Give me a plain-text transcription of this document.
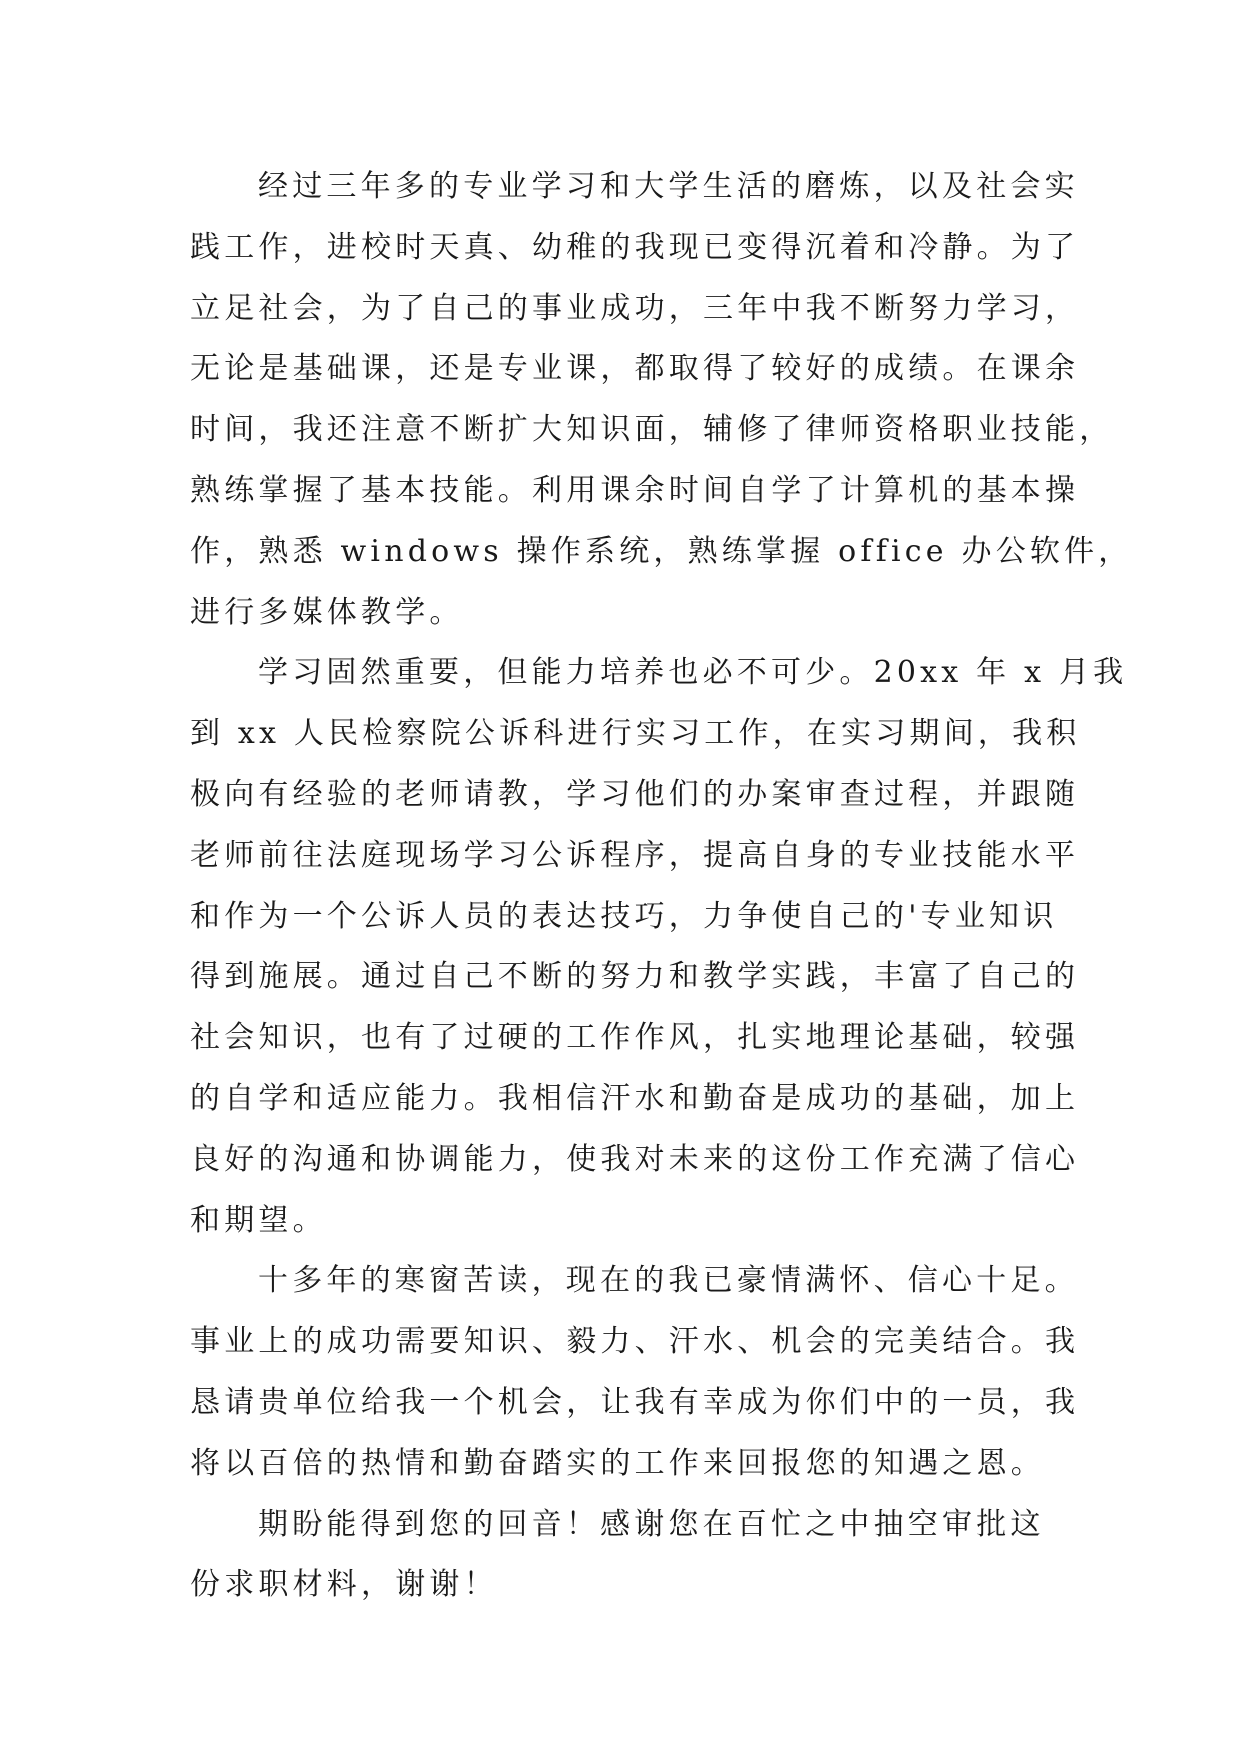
经过三年多的专业学习和大学生活的磨炼，以及社会实
践工作，进校时天真、幼稚的我现已变得沉着和冷静。为了
立足社会，为了自己的事业成功，三年中我不断努力学习，
无论是基础课，还是专业课，都取得了较好的成绩。在课余
时间，我还注意不断扩大知识面，辅修了律师资格职业技能，
熟练掌握了基本技能。利用课余时间自学了计算机的基本操
作，熟悉 windows 操作系统，熟练掌握 office 办公软件，
进行多媒体教学。
学习固然重要，但能力培养也必不可少。20xx 年 x 月我
到 xx 人民检察院公诉科进行实习工作，在实习期间，我积
极向有经验的老师请教，学习他们的办案审查过程，并跟随
老师前往法庭现场学习公诉程序，提高自身的专业技能水平
和作为一个公诉人员的表达技巧，力争使自己的'专业知识
得到施展。通过自己不断的努力和教学实践，丰富了自己的
社会知识，也有了过硬的工作作风，扎实地理论基础，较强
的自学和适应能力。我相信汗水和勤奋是成功的基础，加上
良好的沟通和协调能力，使我对未来的这份工作充满了信心
和期望。
十多年的寒窗苦读，现在的我已豪情满怀、信心十足。
事业上的成功需要知识、毅力、汗水、机会的完美结合。我
恳请贵单位给我一个机会，让我有幸成为你们中的一员，我
将以百倍的热情和勤奋踏实的工作来回报您的知遇之恩。
期盼能得到您的回音！感谢您在百忙之中抽空审批这
份求职材料，谢谢！
